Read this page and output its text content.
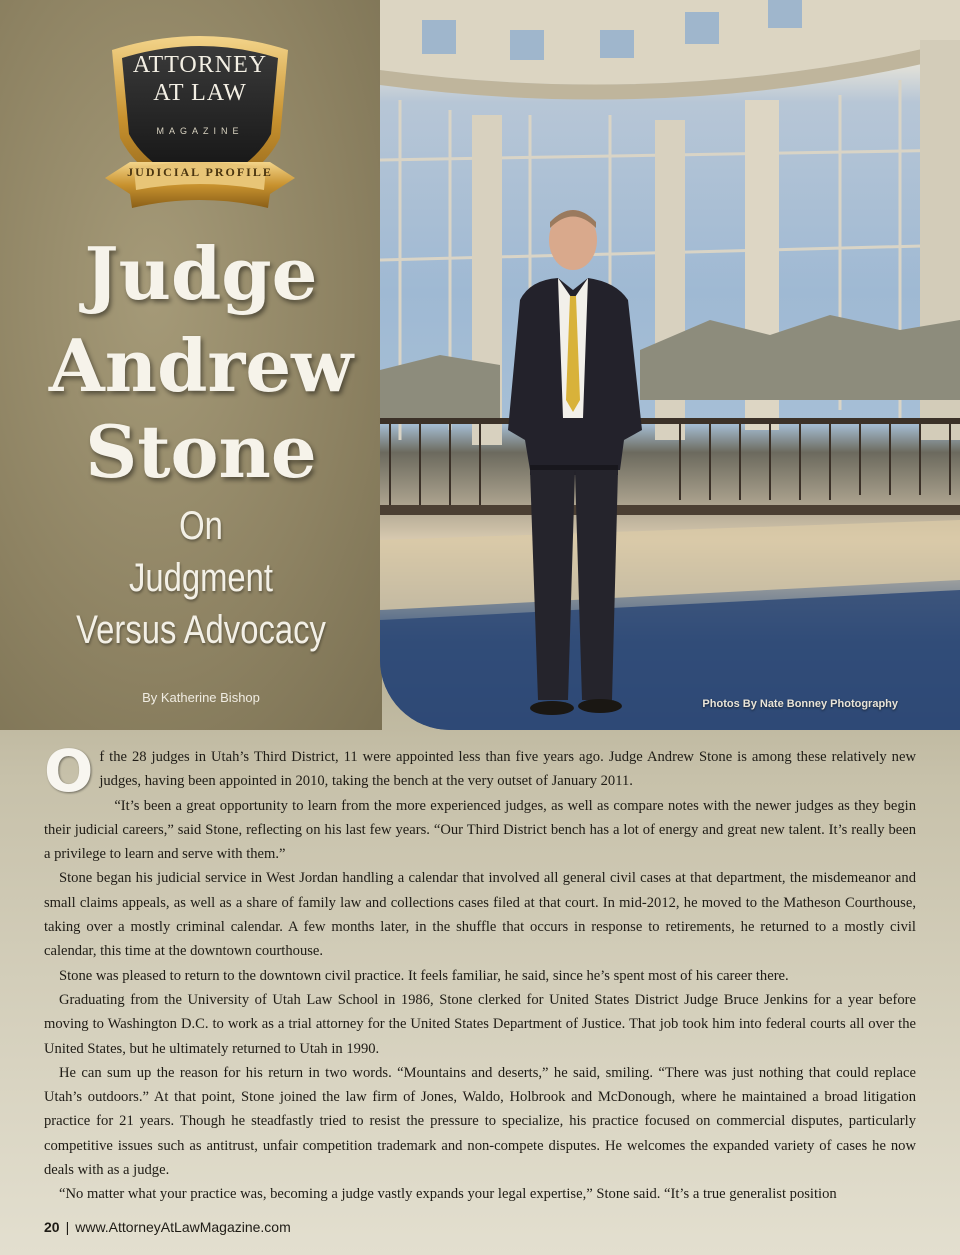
Photos By Nate Bonney Photography
ATTORNEY
AT LAW
MAGAZINE
JUDICIAL PROFILE
Judge
Andrew
Stone
On
Judgment
Versus Advocacy
By Katherine Bishop

Of the 28 judges in Utah’s Third District, 11 were appointed less than five years ago. Judge Andrew Stone is among these relatively new judges, having been appointed in 2010, taking the bench at the very outset of January 2011.

“It’s been a great opportunity to learn from the more experienced judges, as well as compare notes with the newer judges as they begin their judicial careers,” said Stone, reflecting on his last few years. “Our Third District bench has a lot of energy and great new talent. It’s really been a privilege to learn and serve with them.”

Stone began his judicial service in West Jordan handling a calendar that involved all general civil cases at that department, the misdemeanor and small claims appeals, as well as a share of family law and collections cases filed at that court. In mid-2012, he moved to the Matheson Courthouse, taking over a mostly criminal calendar. A few months later, in the shuffle that occurs in response to retirements, he returned to a mostly civil calendar, this time at the downtown courthouse.

Stone was pleased to return to the downtown civil practice. It feels familiar, he said, since he’s spent most of his career there.

Graduating from the University of Utah Law School in 1986, Stone clerked for United States District Judge Bruce Jenkins for a year before moving to Washington D.C. to work as a trial attorney for the United States Department of Justice. That job took him into federal courts all over the United States, but he ultimately returned to Utah in 1990.

He can sum up the reason for his return in two words. “Mountains and deserts,” he said, smiling. “There was just nothing that could replace Utah’s outdoors.” At that point, Stone joined the law firm of Jones, Waldo, Holbrook and McDonough, where he maintained a broad litigation practice for 21 years. Though he steadfastly tried to resist the pressure to specialize, his practice focused on commercial disputes, particularly competitive issues such as antitrust, unfair competition trademark and non-compete disputes. He welcomes the expanded variety of cases he now deals with as a judge.

“No matter what your practice was, becoming a judge vastly expands your legal expertise,” Stone said. “It’s a true generalist position

20 | www.AttorneyAtLawMagazine.com
